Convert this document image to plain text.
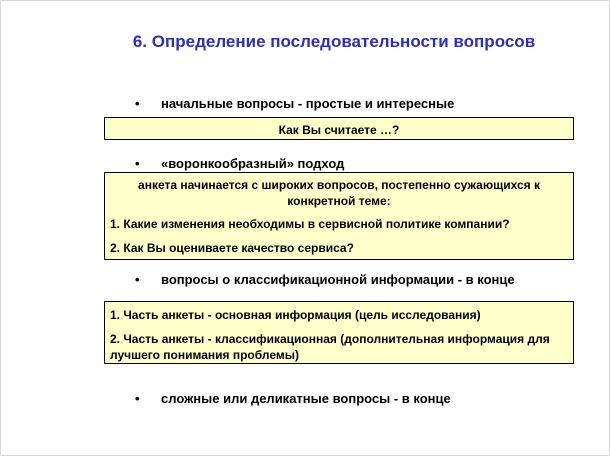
6. Определение последовательности вопросов
• начальные вопросы - простые и интересные

Как Вы считаете …?

• «воронкообразный» подход

анкета начинается с широких вопросов, постепенно сужающихся к конкретной теме:

1. Какие изменения необходимы в сервисной политике компании?

2. Как Вы оцениваете качество сервиса?

• вопросы о классификационной информации - в конце

1. Часть анкеты - основная информация (цель исследования)

2. Часть анкеты - классификационная (дополнительная информация для лучшего понимания проблемы)

• сложные или деликатные вопросы - в конце
